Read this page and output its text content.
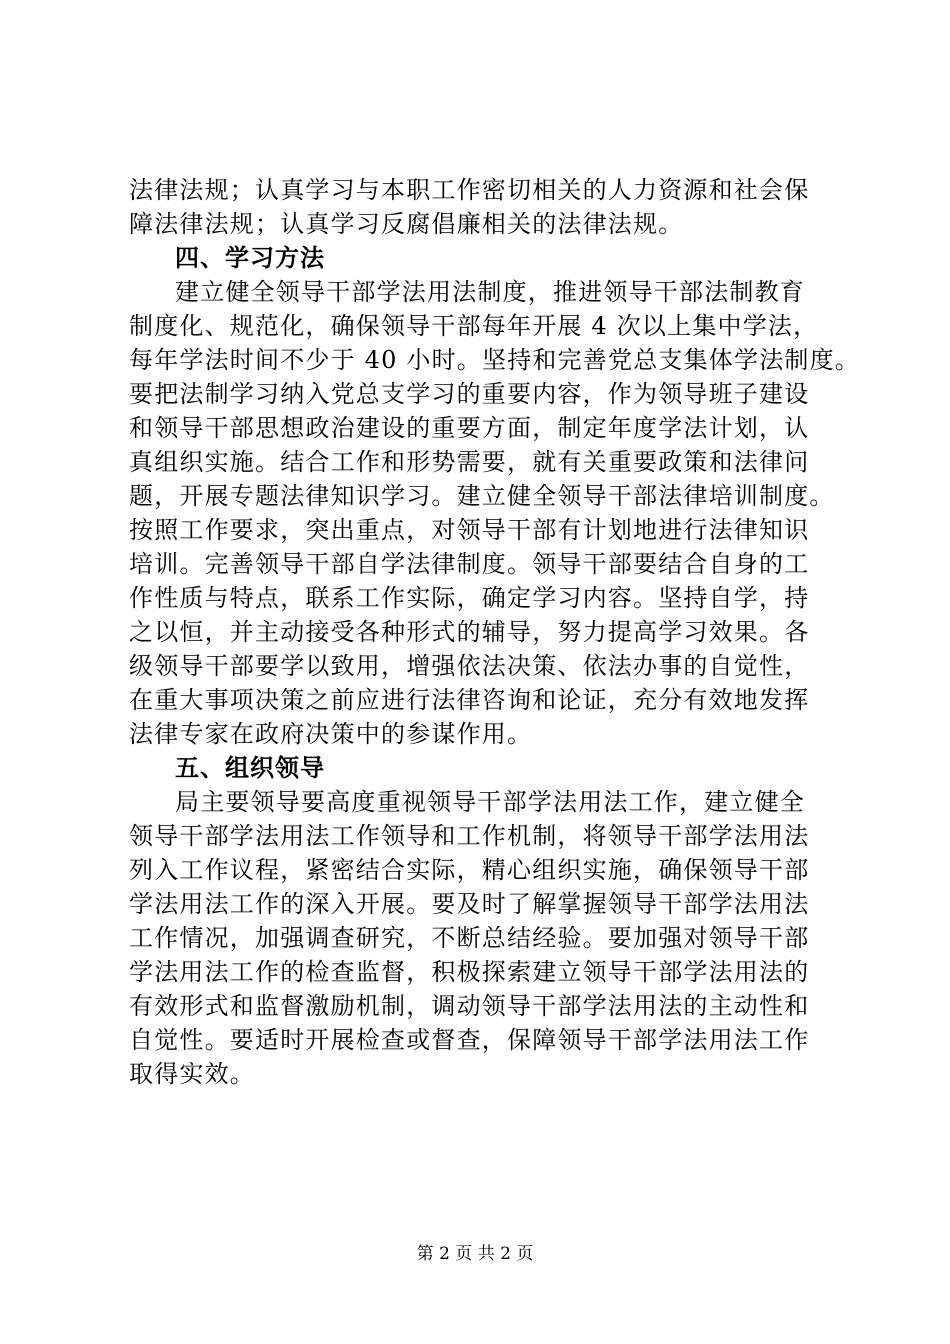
法律法规；认真学习与本职工作密切相关的人力资源和社会保
障法律法规；认真学习反腐倡廉相关的法律法规。
四、学习方法
建立健全领导干部学法用法制度，推进领导干部法制教育
制度化、规范化，确保领导干部每年开展 4 次以上集中学法，
每年学法时间不少于 40 小时。坚持和完善党总支集体学法制度。
要把法制学习纳入党总支学习的重要内容，作为领导班子建设
和领导干部思想政治建设的重要方面，制定年度学法计划，认
真组织实施。结合工作和形势需要，就有关重要政策和法律问
题，开展专题法律知识学习。建立健全领导干部法律培训制度。
按照工作要求，突出重点，对领导干部有计划地进行法律知识
培训。完善领导干部自学法律制度。领导干部要结合自身的工
作性质与特点，联系工作实际，确定学习内容。坚持自学，持
之以恒，并主动接受各种形式的辅导，努力提高学习效果。各
级领导干部要学以致用，增强依法决策、依法办事的自觉性，
在重大事项决策之前应进行法律咨询和论证，充分有效地发挥
法律专家在政府决策中的参谋作用。
五、组织领导
局主要领导要高度重视领导干部学法用法工作，建立健全
领导干部学法用法工作领导和工作机制，将领导干部学法用法
列入工作议程，紧密结合实际，精心组织实施，确保领导干部
学法用法工作的深入开展。要及时了解掌握领导干部学法用法
工作情况，加强调查研究，不断总结经验。要加强对领导干部
学法用法工作的检查监督，积极探索建立领导干部学法用法的
有效形式和监督激励机制，调动领导干部学法用法的主动性和
自觉性。要适时开展检查或督查，保障领导干部学法用法工作
取得实效。
第 2 页 共 2 页
